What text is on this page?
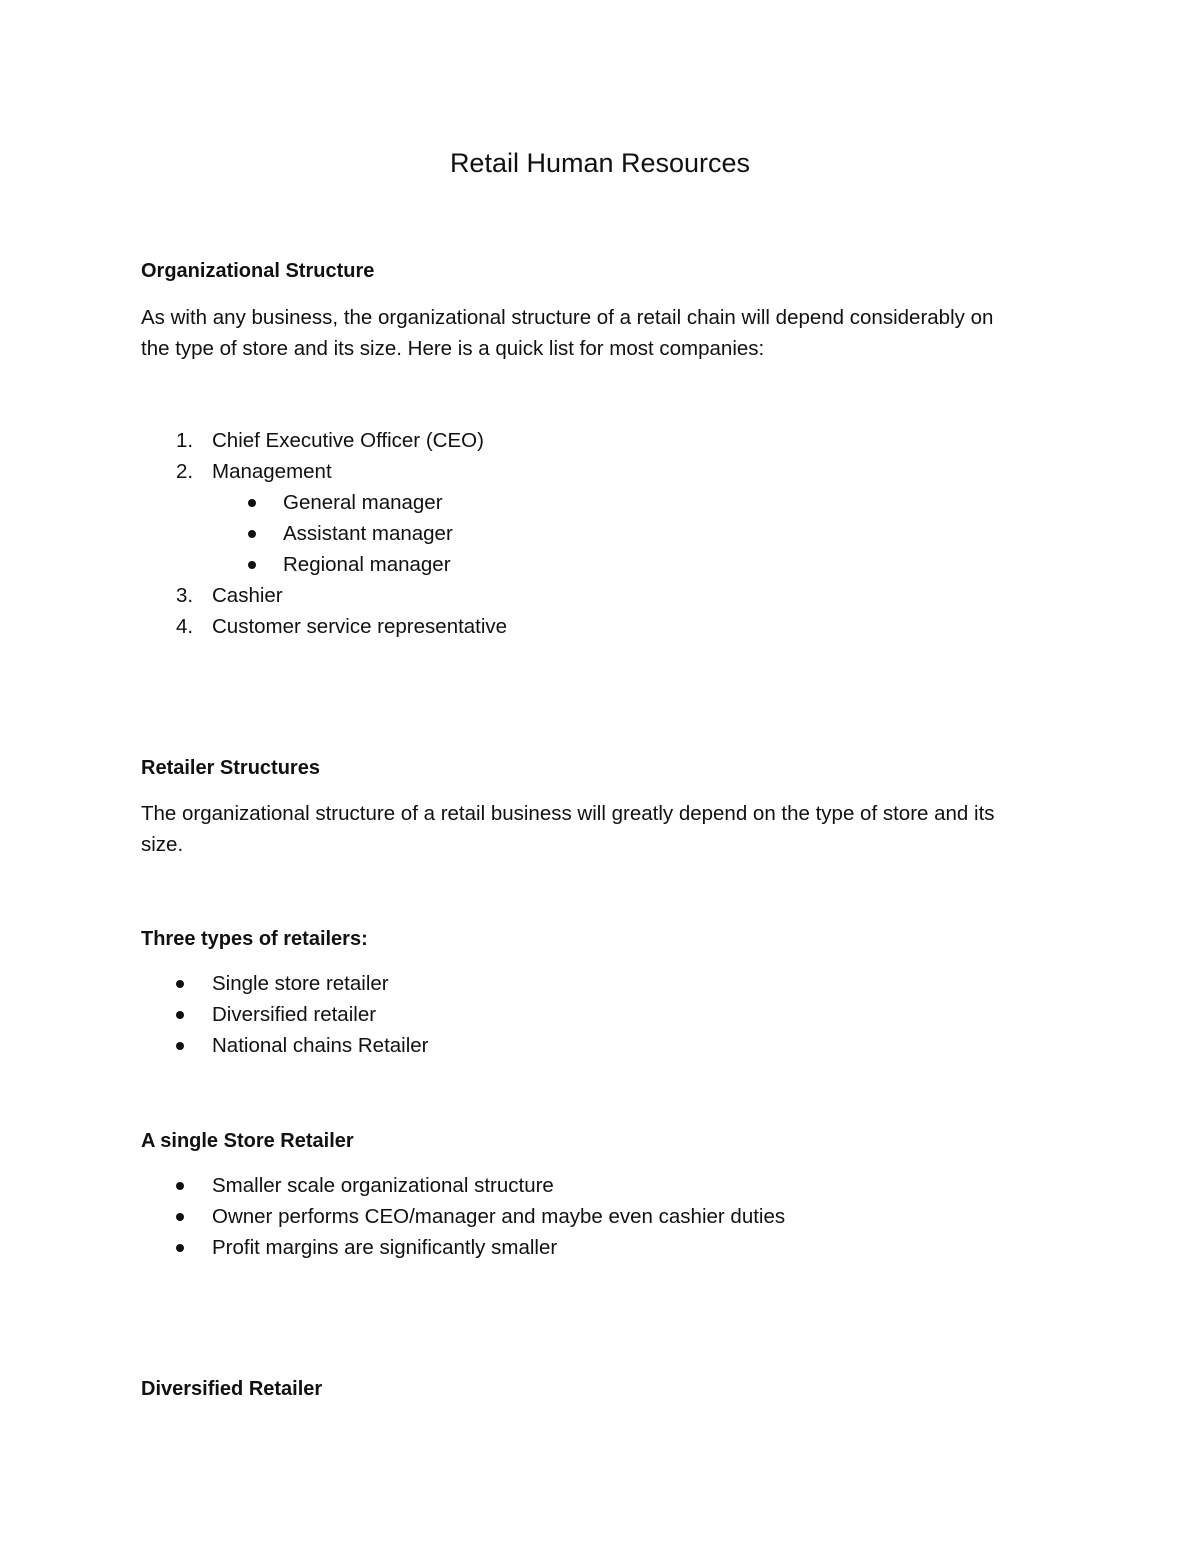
Retail Human Resources
Organizational Structure
As with any business, the organizational structure of a retail chain will depend considerably on
the type of store and its size. Here is a quick list for most companies:
1. Chief Executive Officer (CEO)
2. Management
General manager
Assistant manager
Regional manager
3. Cashier
4. Customer service representative
Retailer Structures
The organizational structure of a retail business will greatly depend on the type of store and its
size.
Three types of retailers:
Single store retailer
Diversified retailer
National chains Retailer
A single Store Retailer
Smaller scale organizational structure
Owner performs CEO/manager and maybe even cashier duties
Profit margins are significantly smaller
Diversified Retailer
